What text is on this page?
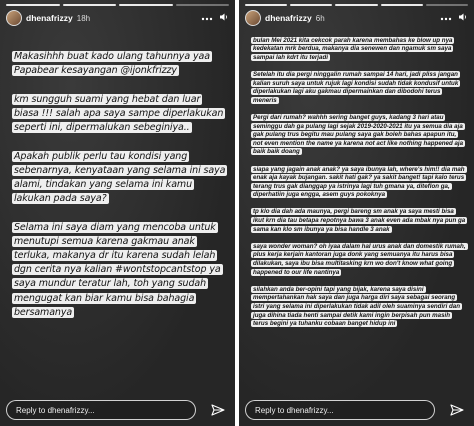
dhenafrizzy 18h

Makasihhh buat kado ulang tahunnya yaa Papabear kesayangan @ijonkfrizzy

km sungguh suami yang hebat dan luar biasa !!! salah apa saya sampe diperlakukan seperti ini, dipermalukan sebeginiya..

Apakah publik perlu tau kondisi yang sebenarnya, kenyataan yang selama ini saya alami, tindakan yang selama ini kamu lakukan pada saya?

Selama ini saya diam yang mencoba untuk menutupi semua karena gakmau anak terluka, makanya dr itu karena sudah lelah dgn cerita nya kalian #wontstopcantstop ya saya mundur teratur lah, toh yang sudah mengugat kan biar kamu bisa bahagia bersamanya

Reply to dhenafrizzy...
dhenafrizzy 6h

bulan Mei 2021 kita cekcok parah karena membahas ke blow up nya kedekatan mrk berdua, makanya dia senewen dan ngamuk sm saya sampai lah kdrt itu terjadi

Setelah itu dia pergi ninggalin rumah sampai 14 hari, jadi pliss jangan kalian suruh saya untuk rujuk lagi kondisi sudah tidak kondusif untuk diperlakukan lagi aku gakmau dipermainkan dan dibodohi terus meneris

Pergi dari rumah? wahhh sering banget guys, kadang 3 hari atau seminggu dah ga pulang lagi sejak 2019-2020-2021 itu ya semua dia aja gak pulang trus begitu mau pulang saya gak boleh bahas apapun itu, not even mention the name ya karena not act like nothing happened aja baik baik doang

siapa yang jagain anak anak? ya saya ibunya lah, where's him!! dia mah enak aja kayak bujangan. sakit hati gak? ya sakit banget! tapi kalo terus terang trus gak dianggap ya istrinya lagi tuh gmana ya, diteflon ga, diperhatiin juga engga, asem guys pokoknya

tp klo dia dah ada maunya, pergi bareng sm anak ya saya mesti bisa ikut krn dia tau betapa repotnya bawa 3 anak even ada mbak nya pun ga sama kan klo sm ibunya ya bisa handle 3 anak

saya wonder woman? oh iyaa dalam hal urus anak dan domestik rumah, plus kerja kerjain kantoran juga donk yang semuanya itu harus bisa dilakukan, saya ibu bisa multitasking krn wo don't know what going happened to our life nantinya

silahkan anda ber-opini tapi yang bijak, karena saya disini mempertahankan hak saya dan juga harga diri saya sebagai seorang istri yang selama ini diperlakukan tidak adil oleh suaminya sendiri dan juga dihina tiada henti sampai detik kami ingin berpisah pun masih terus begini ya tuhanku cobaan banget hidup ini

Reply to dhenafrizzy...
